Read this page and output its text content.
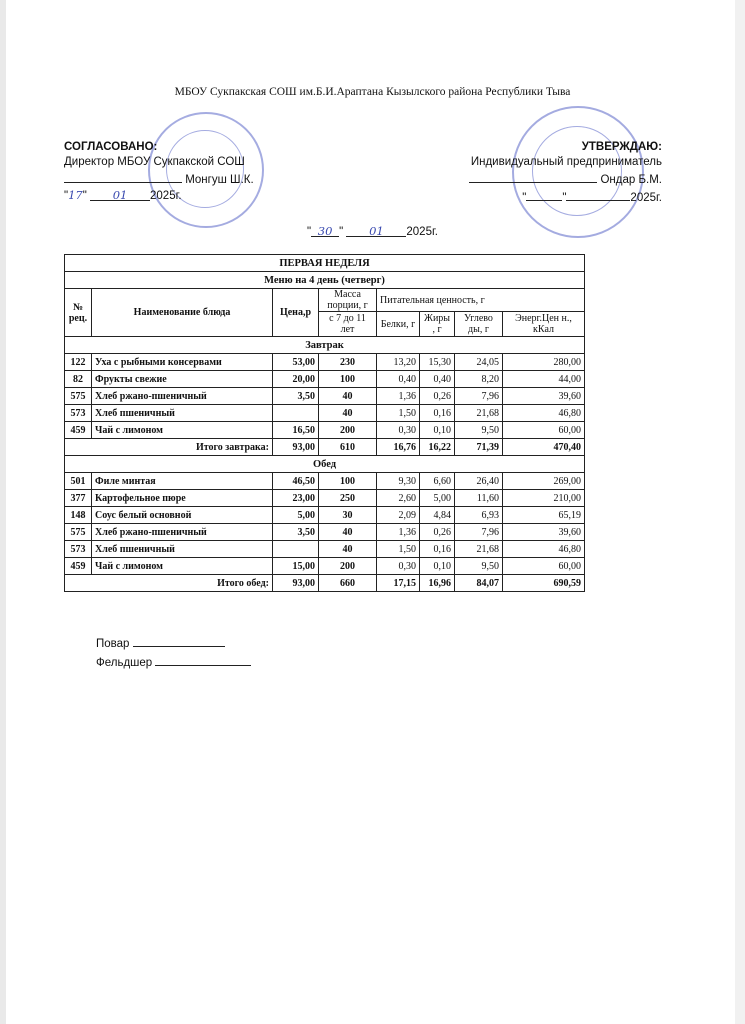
МБОУ Сукпакская СОШ им.Б.И.Араптана Кызылского района Республики Тыва
СОГЛАСОВАНО:
Директор МБОУ Сукпакской СОШ
Монгуш Ш.К.
"17" 01 2025г.
УТВЕРЖДАЮ:
Индивидуальный предприниматель
Ондар Б.М.
"	"	2025г.
" 30 " 01 2025г.
ПЕРВАЯ НЕДЕЛЯ							
Меню на 4 день (четверг)							
№ рец.	Наименование блюда	Цена,р	Масса порции, г	Питательная ценность, г			
			с 7 до 11 лет	Белки, г	Жиры , г	Углево ды, г	Энерг.Цен н., кКал
Завтрак							
122	Уха с рыбными консервами	53,00	230	13,20	15,30	24,05	280,00
82	Фрукты свежие	20,00	100	0,40	0,40	8,20	44,00
575	Хлеб ржано-пшеничный	3,50	40	1,36	0,26	7,96	39,60
573	Хлеб пшеничный		40	1,50	0,16	21,68	46,80
459	Чай с лимоном	16,50	200	0,30	0,10	9,50	60,00
Итого завтрака:		93,00	610	16,76	16,22	71,39	470,40
Обед							
501	Филе минтая	46,50	100	9,30	6,60	26,40	269,00
377	Картофельное пюре	23,00	250	2,60	5,00	11,60	210,00
148	Соус белый основной	5,00	30	2,09	4,84	6,93	65,19
575	Хлеб ржано-пшеничный	3,50	40	1,36	0,26	7,96	39,60
573	Хлеб пшеничный		40	1,50	0,16	21,68	46,80
459	Чай с лимоном	15,00	200	0,30	0,10	9,50	60,00
Итого обед:		93,00	660	17,15	16,96	84,07	690,59
Повар
Фельдшер
